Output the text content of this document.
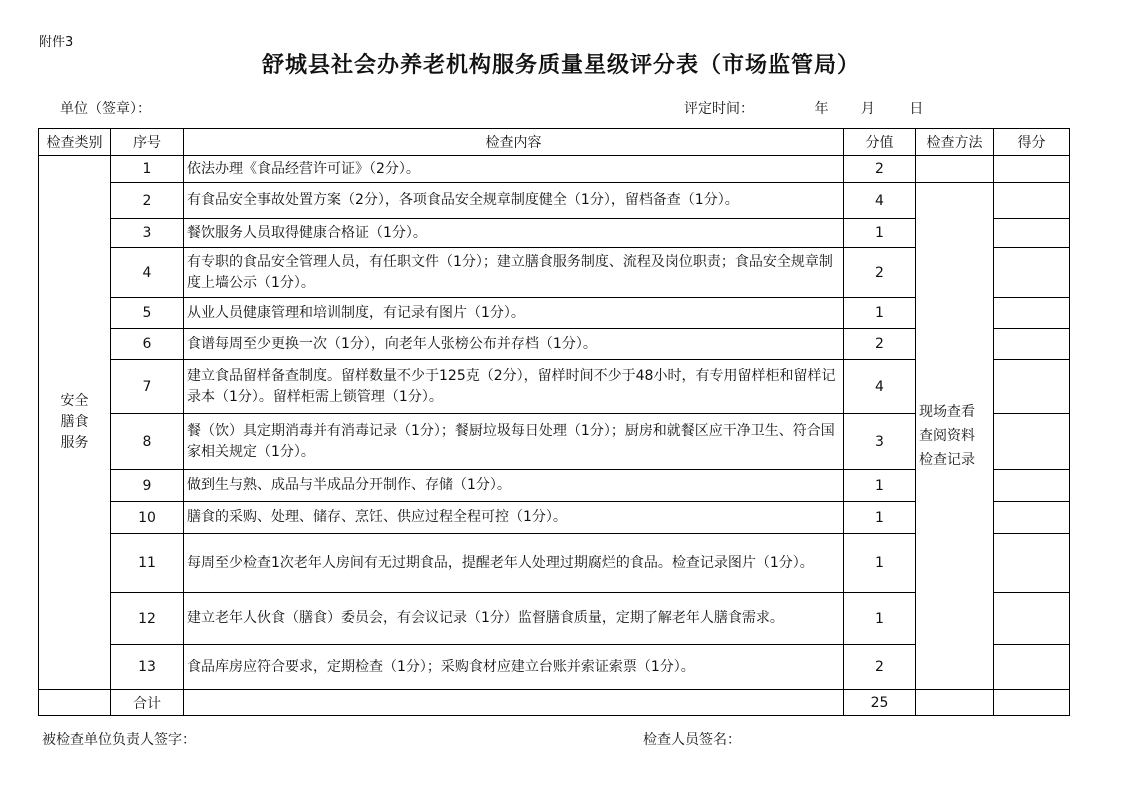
附件3
舒城县社会办养老机构服务质量星级评分表（市场监管局）
单位（签章）：	评定时间：	年 月 日
检查类别	序号	检查内容	分值	检查方法	得分

安全
膳食
服务	1	依法办理《食品经营许可证》（2分）。	2		
	2	有食品安全事故处置方案（2分），各项食品安全规章制度健全（1分），留档备查（1分）。	4	现场查看
查阅资料
检查记录	

	3	餐饮服务人员取得健康合格证（1分）。	1		
	4	有专职的食品安全管理人员，有任职文件（1分）；建立膳食服务制度、流程及岗位职责；食品安全规章制度上墙公示（1分）。	2		
	5	从业人员健康管理和培训制度，有记录有图片（1分）。	1		
	6	食谱每周至少更换一次（1分），向老年人张榜公布并存档（1分）。	2		
	7	建立食品留样备查制度。留样数量不少于125克（2分），留样时间不少于48小时，有专用留样柜和留样记录本（1分）。留样柜需上锁管理（1分）。	4		
	8	餐（饮）具定期消毒并有消毒记录（1分）；餐厨垃圾每日处理（1分）；厨房和就餐区应干净卫生、符合国家相关规定（1分）。	3		
	9	做到生与熟、成品与半成品分开制作、存储（1分）。	1		
	10	膳食的采购、处理、储存、烹饪、供应过程全程可控（1分）。	1		
	11	每周至少检查1次老年人房间有无过期食品，提醒老年人处理过期腐烂的食品。检查记录图片（1分）。	1		
	12	建立老年人伙食（膳食）委员会，有会议记录（1分）监督膳食质量，定期了解老年人膳食需求。	1		
	13	食品库房应符合要求，定期检查（1分）；采购食材应建立台账并索证索票（1分）。	2		
	合计		25		
被检查单位负责人签字：	检查人员签名：
